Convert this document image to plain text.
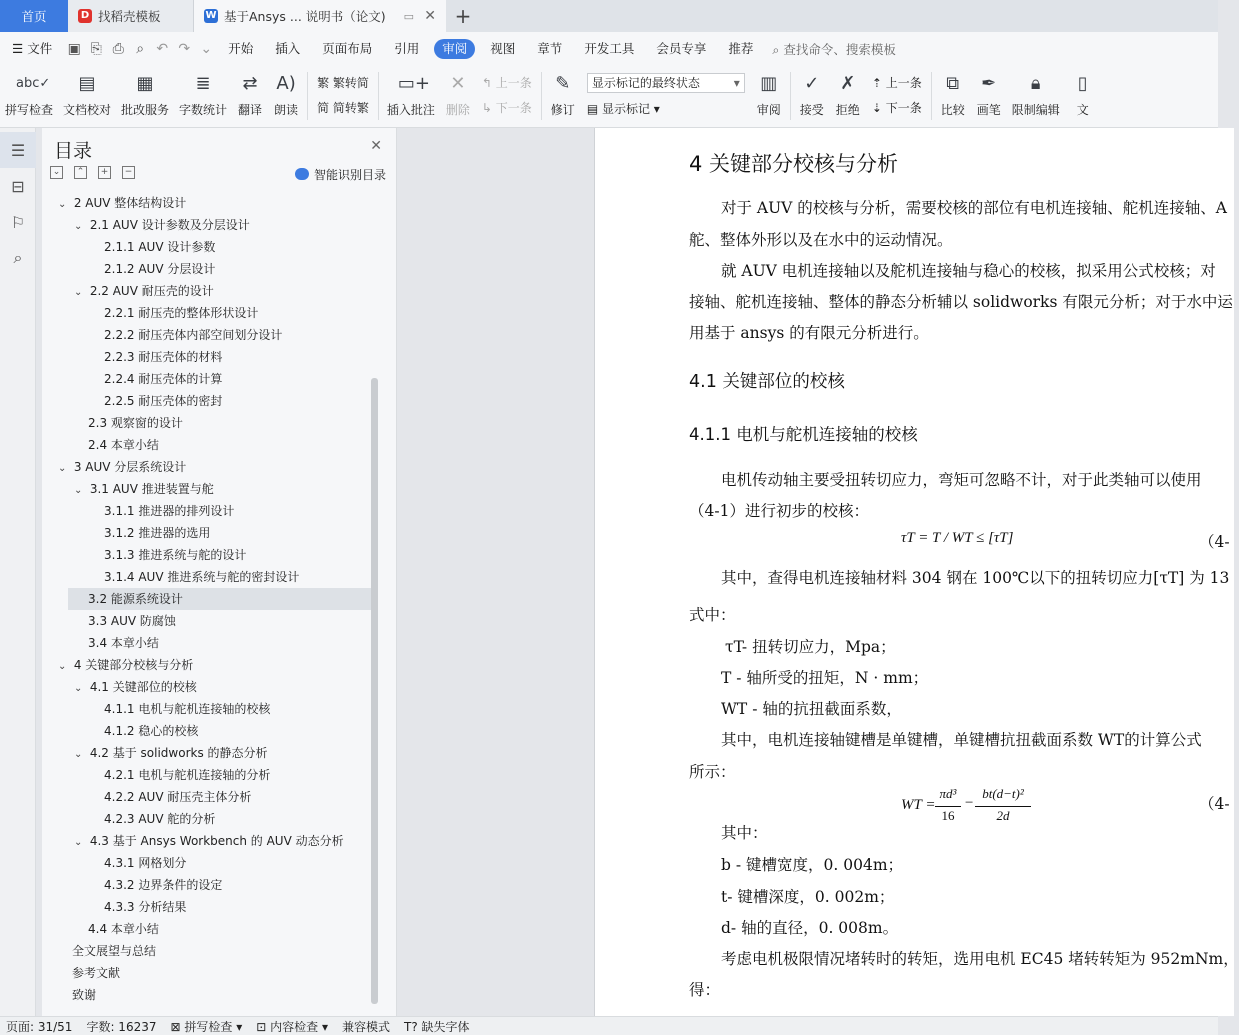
首页	D 找稻壳模板	W 基于Ansys ... 说明书（论文) ▭ ✕ +
☰ 文件	▣ ⎘ ⎙ ⌕ ↶ ↷ ⌄	开始	插入	页面布局	引用	审阅	视图	章节	开发工具	会员专享	推荐	⌕ 查找命令、搜索模板
abc✓
拼写检查
▤
文档校对
▦
批改服务
≣
字数统计
⇄
翻译
A)
朗读
繁 繁转简
简 简转繁
▭+
插入批注
✕
删除
↰ 上一条
↳ 下一条
✎
修订
显示标记的最终状态 ▾
▤ 显示标记 ▾
▥
审阅
✓
接受
✗
拒绝
⇡ 上一条
⇣ 下一条
⧉
比较
✒
画笔
🔒︎
限制编辑
▯
文
☰
⊟
⚐
⌕
目录	✕
⌄	⌃	+	−	智能识别目录
⌄ 2 AUV 整体结构设计
⌄ 2.1 AUV 设计参数及分层设计
2.1.1 AUV 设计参数
2.1.2 AUV 分层设计
⌄ 2.2 AUV 耐压壳的设计
2.2.1 耐压壳的整体形状设计
2.2.2 耐压壳体内部空间划分设计
2.2.3 耐压壳体的材料
2.2.4 耐压壳体的计算
2.2.5 耐压壳体的密封
2.3 观察窗的设计
2.4 本章小结
⌄ 3 AUV 分层系统设计
⌄ 3.1 AUV 推进装置与舵
3.1.1 推进器的排列设计
3.1.2 推进器的选用
3.1.3 推进系统与舵的设计
3.1.4 AUV 推进系统与舵的密封设计
3.2 能源系统设计
3.3 AUV 防腐蚀
3.4 本章小结
⌄ 4 关键部分校核与分析
⌄ 4.1 关键部位的校核
4.1.1 电机与舵机连接轴的校核
4.1.2 稳心的校核
⌄ 4.2 基于 solidworks 的静态分析
4.2.1 电机与舵机连接轴的分析
4.2.2 AUV 耐压壳主体分析
4.2.3 AUV 舵的分析
⌄ 4.3 基于 Ansys Workbench 的 AUV 动态分析
4.3.1 网格划分
4.3.2 边界条件的设定
4.3.3 分析结果
4.4 本章小结
全文展望与总结
参考文献
致谢
4 关键部分校核与分析
对于 AUV 的校核与分析，需要校核的部位有电机连接轴、舵机连接轴、A
舵、整体外形以及在水中的运动情况。
就 AUV 电机连接轴以及舵机连接轴与稳心的校核，拟采用公式校核；对
接轴、舵机连接轴、整体的静态分析辅以 solidworks 有限元分析；对于水中运
用基于 ansys 的有限元分析进行。
4.1 关键部位的校核
4.1.1 电机与舵机连接轴的校核
电机传动轴主要受扭转切应力，弯矩可忽略不计，对于此类轴可以使用
（4-1）进行初步的校核：
τT = T / WT ≤ [τT]	（4-
其中，查得电机连接轴材料 304 钢在 100℃以下的扭转切应力[τT] 为 13
式中：
τT- 扭转切应力，Mpa；
T - 轴所受的扭矩，N · mm；
WT - 轴的抗扭截面系数，
其中，电机连接轴键槽是单键槽，单键槽抗扭截面系数 WT的计算公式
所示：
WT =
πd³
16
−
bt(d−t)²
2d
（4-
其中：
b - 键槽宽度，0. 004m；
t- 键槽深度，0. 002m；
d- 轴的直径，0. 008m。
考虑电机极限情况堵转时的转矩，选用电机 EC45 堵转转矩为 952mNm，
得：
页面: 31/51 字数: 16237 ⊠ 拼写检查 ▾ ⊡ 内容检查 ▾ 兼容模式 T? 缺失字体
